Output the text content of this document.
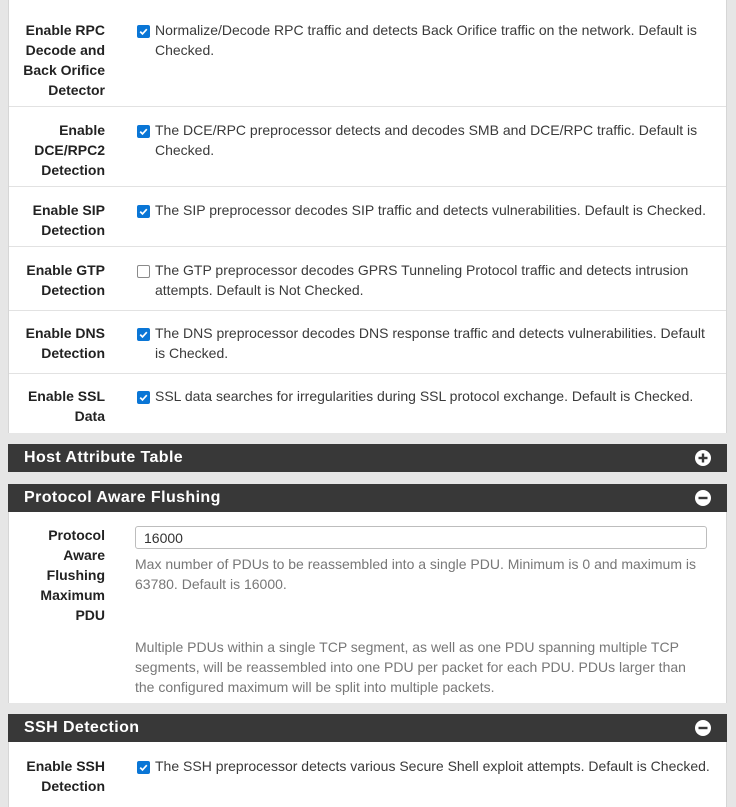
Enable RPC Decode and Back Orifice Detector
Normalize/Decode RPC traffic and detects Back Orifice traffic on the network. Default is Checked.
Enable DCE/RPC2 Detection
The DCE/RPC preprocessor detects and decodes SMB and DCE/RPC traffic. Default is Checked.
Enable SIP Detection
The SIP preprocessor decodes SIP traffic and detects vulnerabilities. Default is Checked.
Enable GTP Detection
The GTP preprocessor decodes GPRS Tunneling Protocol traffic and detects intrusion attempts. Default is Not Checked.
Enable DNS Detection
The DNS preprocessor decodes DNS response traffic and detects vulnerabilities. Default is Checked.
Enable SSL Data
SSL data searches for irregularities during SSL protocol exchange. Default is Checked.
Host Attribute Table
Protocol Aware Flushing
Protocol Aware Flushing Maximum PDU
16000
Max number of PDUs to be reassembled into a single PDU. Minimum is 0 and maximum is 63780. Default is 16000.
Multiple PDUs within a single TCP segment, as well as one PDU spanning multiple TCP segments, will be reassembled into one PDU per packet for each PDU. PDUs larger than the configured maximum will be split into multiple packets.
SSH Detection
Enable SSH Detection
The SSH preprocessor detects various Secure Shell exploit attempts. Default is Checked.
